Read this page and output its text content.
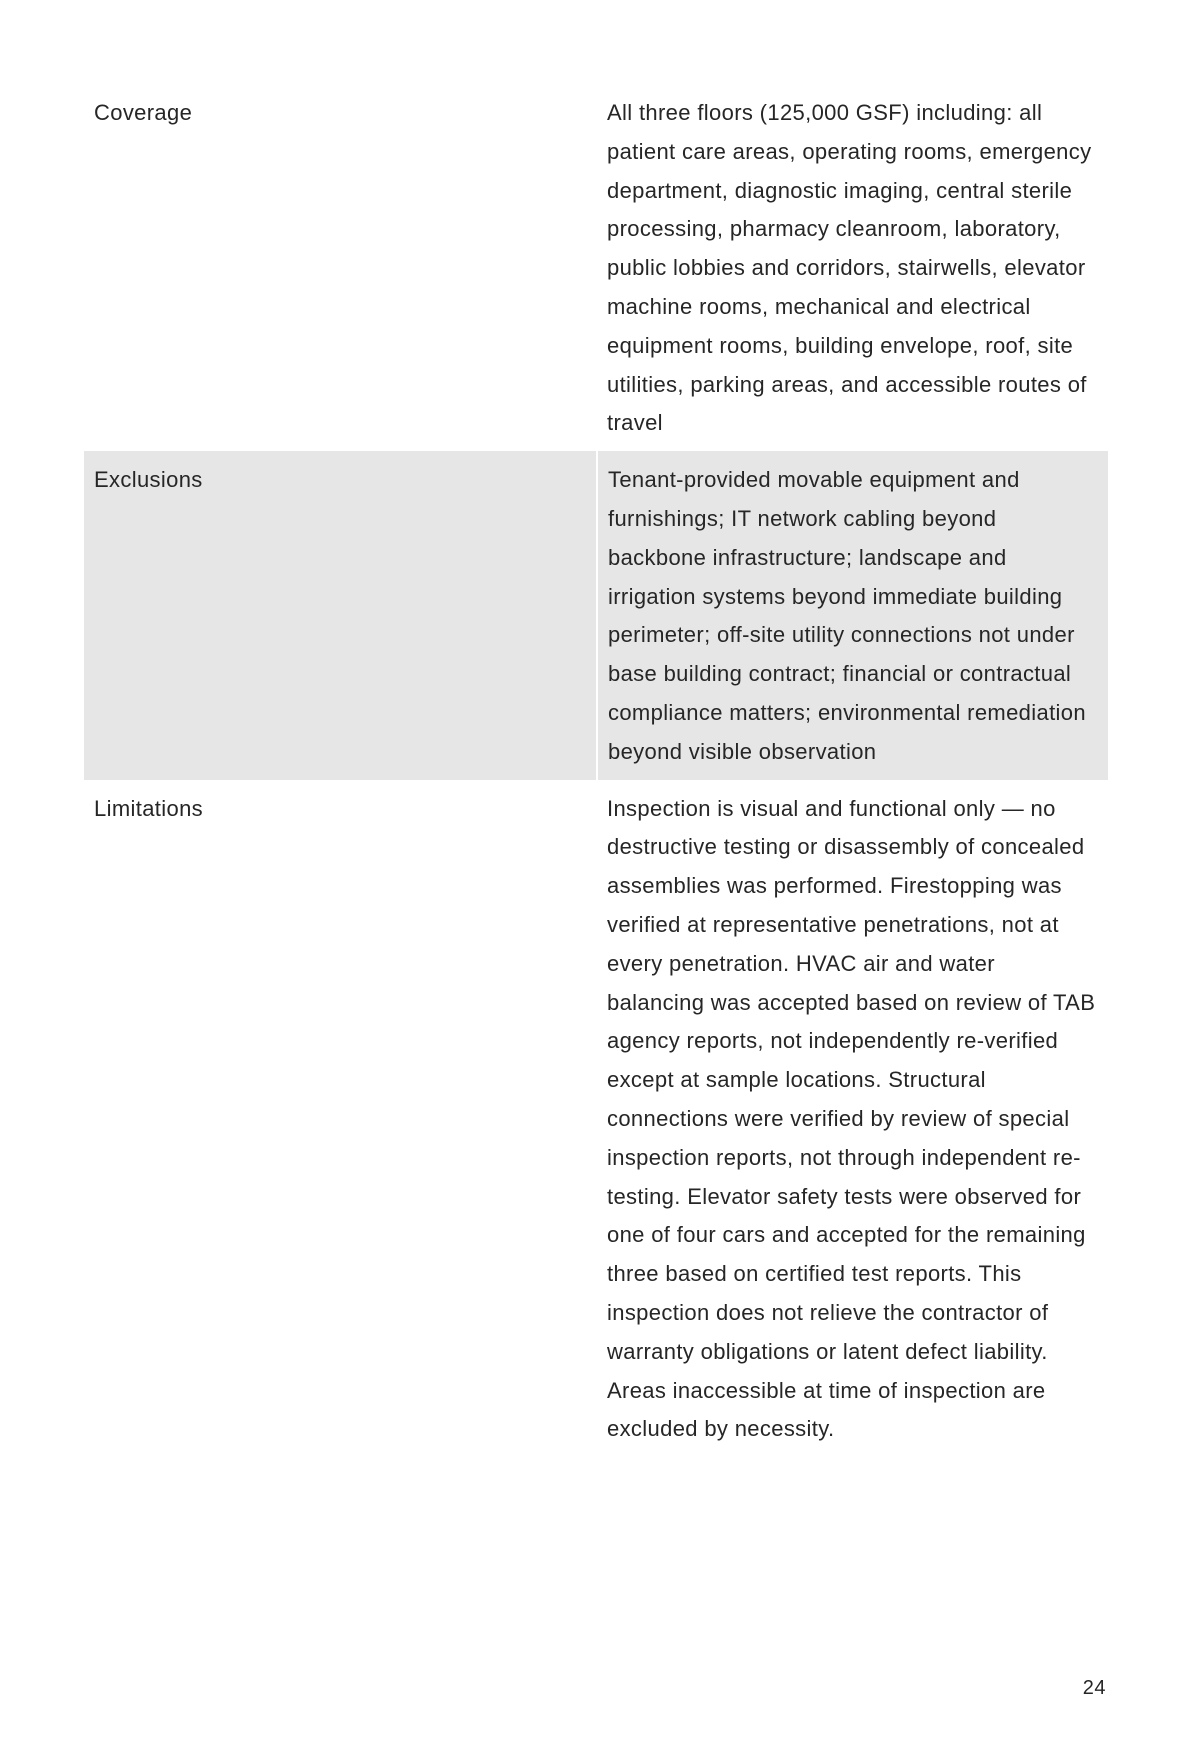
Coverage	All three floors (125,000 GSF) including: all patient care areas, operating rooms, emergency department, diagnostic imaging, central sterile processing, pharmacy cleanroom, laboratory, public lobbies and corridors, stairwells, elevator machine rooms, mechanical and electrical equipment rooms, building envelope, roof, site utilities, parking areas, and accessible routes of travel
Exclusions	Tenant-provided movable equipment and furnishings; IT network cabling beyond backbone infrastructure; landscape and irrigation systems beyond immediate building perimeter; off-site utility connections not under base building contract; financial or contractual compliance matters; environmental remediation beyond visible observation
Limitations	Inspection is visual and functional only — no destructive testing or disassembly of concealed assemblies was performed. Firestopping was verified at representative penetrations, not at every penetration. HVAC air and water balancing was accepted based on review of TAB agency reports, not independently re-verified except at sample locations. Structural connections were verified by review of special inspection reports, not through independent re-testing. Elevator safety tests were observed for one of four cars and accepted for the remaining three based on certified test reports. This inspection does not relieve the contractor of warranty obligations or latent defect liability. Areas inaccessible at time of inspection are excluded by necessity.
24
